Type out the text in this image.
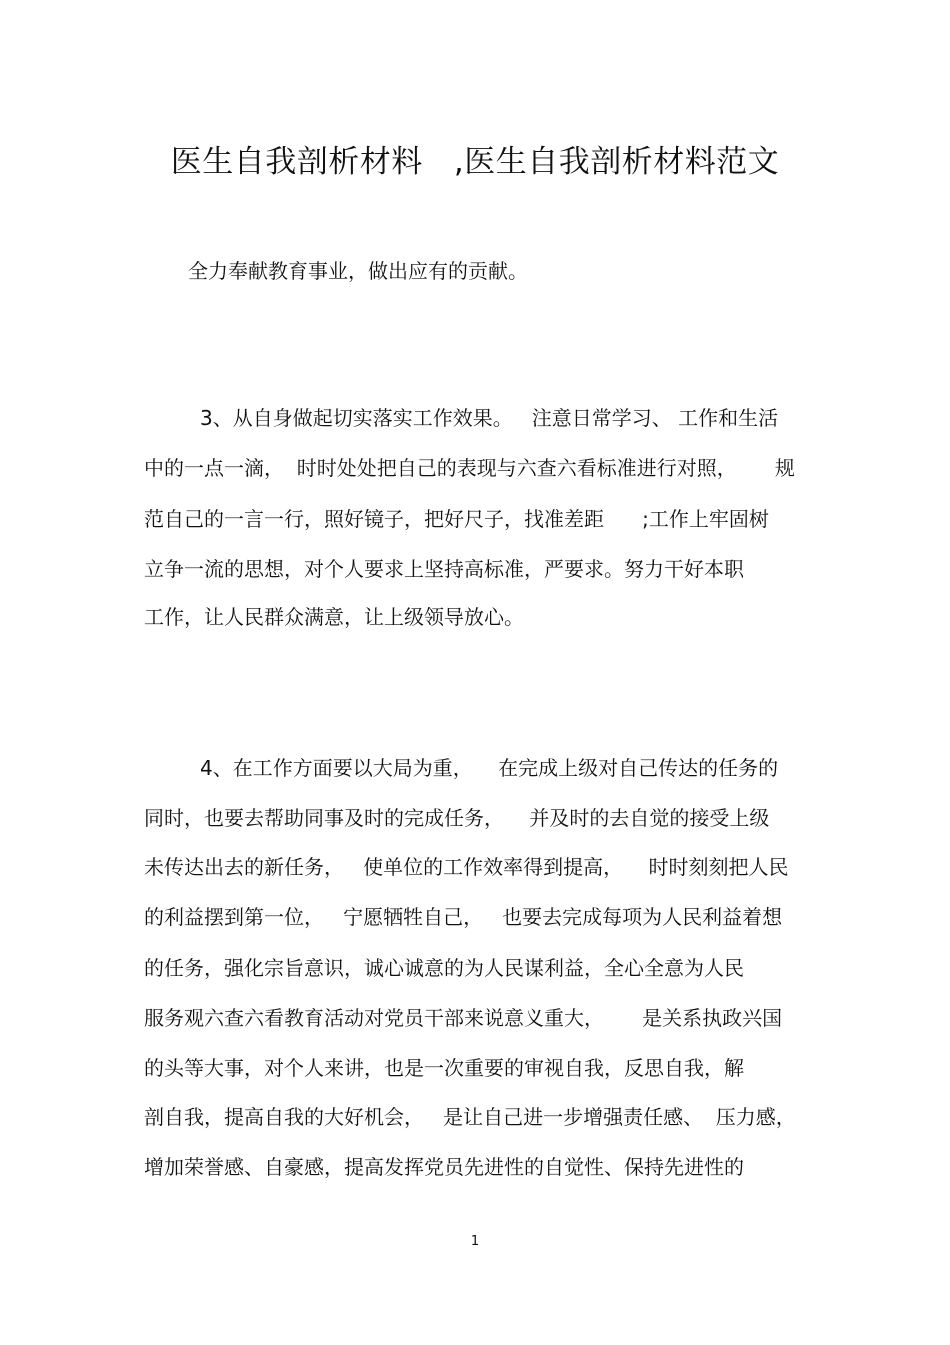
医生自我剖析材料   ,医生自我剖析材料范文
全力奉献教育事业，做出应有的贡献。
3、从自身做起切实落实工作效果。   注意日常学习、 工作和生活
中的一点一滴，  时时处处把自己的表现与六查六看标准进行对照，      规
范自己的一言一行，照好镜子，把好尺子，找准差距      ;工作上牢固树
立争一流的思想，对个人要求上坚持高标准，严要求。努力干好本职
工作，让人民群众满意，让上级领导放心。
4、在工作方面要以大局为重，    在完成上级对自己传达的任务的
同时，也要去帮助同事及时的完成任务，    并及时的去自觉的接受上级
未传达出去的新任务，   使单位的工作效率得到提高，    时时刻刻把人民
的利益摆到第一位，   宁愿牺牲自己，   也要去完成每项为人民利益着想
的任务，强化宗旨意识，诚心诚意的为人民谋利益，全心全意为人民
服务观六查六看教育活动对党员干部来说意义重大，      是关系执政兴国
的头等大事，对个人来讲，也是一次重要的审视自我，反思自我，解
剖自我，提高自我的大好机会，   是让自己进一步增强责任感、  压力感，
增加荣誉感、自豪感，提高发挥党员先进性的自觉性、保持先进性的
1
